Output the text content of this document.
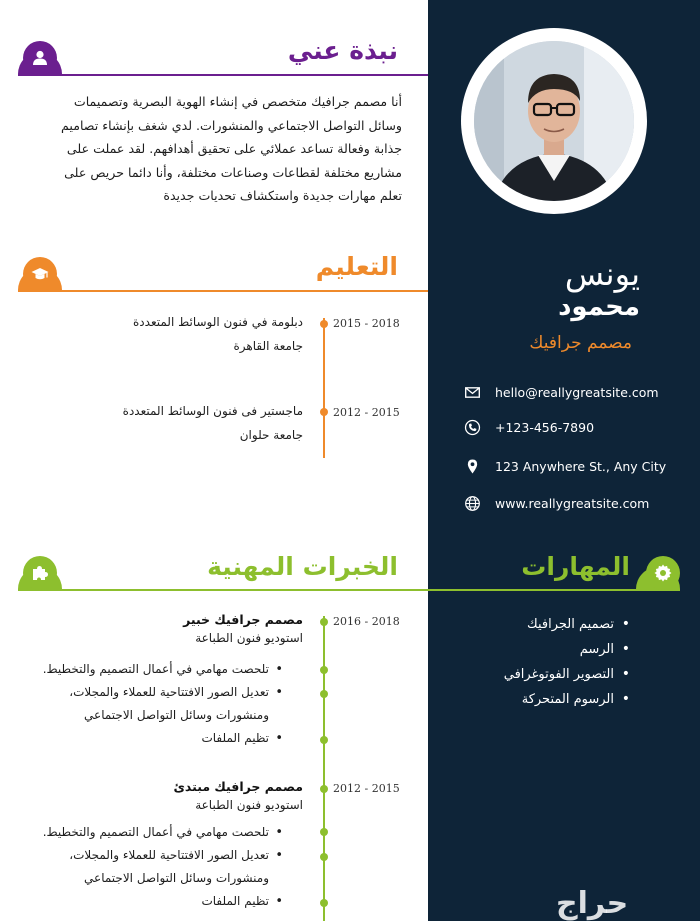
نبذة عني
أنا مصمم جرافيك متخصص في إنشاء الهوية البصرية وتصميمات
وسائل التواصل الاجتماعي والمنشورات. لدي شغف بإنشاء تصاميم
جذابة وفعالة تساعد عملائي على تحقيق أهدافهم. لقد عملت على
مشاريع مختلفة لقطاعات وصناعات مختلفة، وأنا دائما حريص على
تعلم مهارات جديدة واستكشاف تحديات جديدة
يونس
محمود
مصمم جرافيك
hello@reallygreatsite.com
+123-456-7890
123 Anywhere St., Any City
www.reallygreatsite.com
التعليم
2015 - 2018
دبلومة في فنون الوسائط المتعددة
جامعة القاهرة
2012 - 2015
ماجستير فى فنون الوسائط المتعددة
جامعة حلوان
الخبرات المهنية	المهارات
• تصميم الجرافيك
• الرسم
• التصوير الفوتوغرافي
• الرسوم المتحركة
2016 - 2018
مصمم جرافيك خبير
استوديو فنون الطباعة
• تلحصت مهامي في أعمال التصميم والتخطيط.
• تعديل الصور الافتتاحية للعملاء والمجلات،
ومنشورات وسائل التواصل الاجتماعي
• تظيم الملفات
2012 - 2015
مصمم جرافيك مبتدئ
استوديو فنون الطباعة
• تلحصت مهامي في أعمال التصميم والتخطيط.
• تعديل الصور الافتتاحية للعملاء والمجلات،
ومنشورات وسائل التواصل الاجتماعي
• تظيم الملفات	حراج
